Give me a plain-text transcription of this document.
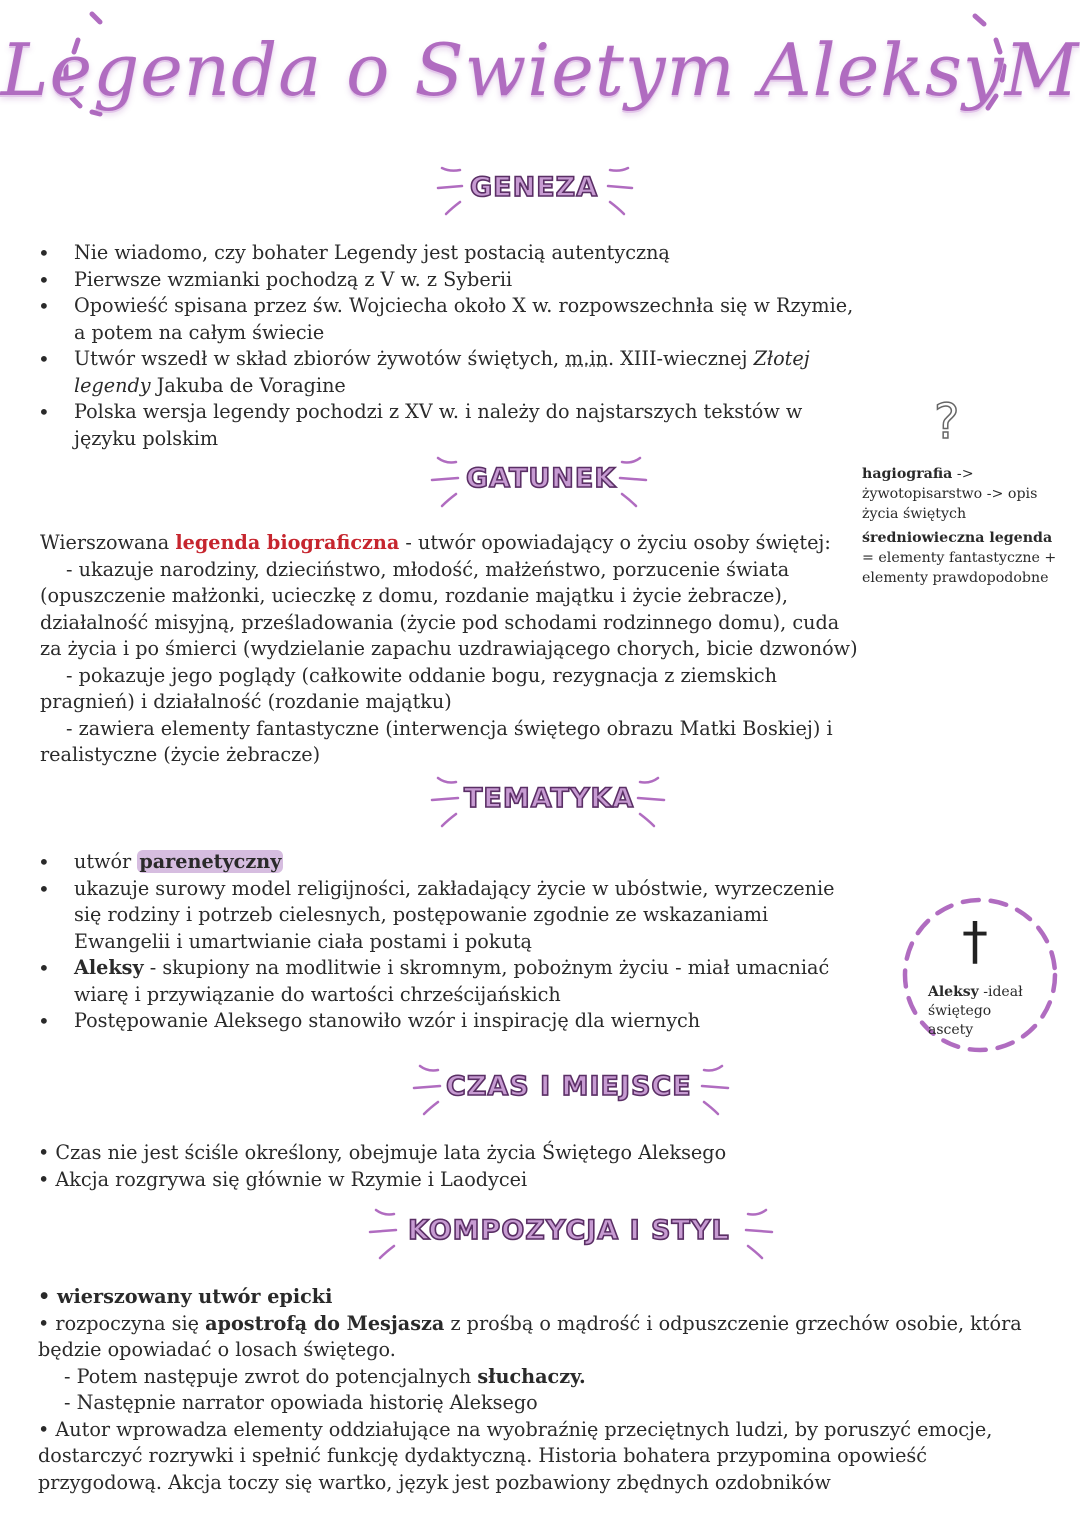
Legenda o Swietym AleksyM
GENEZA
• Nie wiadomo, czy bohater Legendy jest postacią autentyczną
• Pierwsze wzmianki pochodzą z V w. z Syberii
• Opowieść spisana przez św. Wojciecha około X w. rozpowszechnła się w Rzymie, a potem na całym świecie
• Utwór wszedł w skład zbiorów żywotów świętych, m.in. XIII-wiecznej Złotej legendy Jakuba de Voragine
• Polska wersja legendy pochodzi z XV w. i należy do najstarszych tekstów w języku polskim	?
hagiografia -> żywotopisarstwo -> opis życia świętych
średniowieczna legenda = elementy fantastyczne + elementy prawdopodobne
GATUNEK
Wierszowana legenda biograficzna - utwór opowiadający o życiu osoby świętej:
- ukazuje narodziny, dzieciństwo, młodość, małżeństwo, porzucenie świata (opuszczenie małżonki, ucieczkę z domu, rozdanie majątku i życie żebracze), działalność misyjną, prześladowania (życie pod schodami rodzinnego domu), cuda za życia i po śmierci (wydzielanie zapachu uzdrawiającego chorych, bicie dzwonów)
- pokazuje jego poglądy (całkowite oddanie bogu, rezygnacja z ziemskich pragnień) i działalność (rozdanie majątku)
- zawiera elementy fantastyczne (interwencja świętego obrazu Matki Boskiej) i realistyczne (życie żebracze)
TEMATYKA
• utwór parenetyczny
• ukazuje surowy model religijności, zakładający życie w ubóstwie, wyrzeczenie się rodziny i potrzeb cielesnych, postępowanie zgodnie ze wskazaniami Ewangelii i umartwianie ciała postami i pokutą
• Aleksy - skupiony na modlitwie i skromnym, pobożnym życiu - miał umacniać wiarę i przywiązanie do wartości chrześcijańskich
• Postępowanie Aleksego stanowiło wzór i inspirację dla wiernych
†
Aleksy -ideał świętego ascety
CZAS I MIEJSCE
• Czas nie jest ściśle określony, obejmuje lata życia Świętego Aleksego
• Akcja rozgrywa się głównie w Rzymie i Laodycei
KOMPOZYCJA I STYL
• wierszowany utwór epicki
• rozpoczyna się apostrofą do Mesjasza z prośbą o mądrość i odpuszczenie grzechów osobie, która będzie opowiadać o losach świętego.
- Potem następuje zwrot do potencjalnych słuchaczy.
- Następnie narrator opowiada historię Aleksego
• Autor wprowadza elementy oddziałujące na wyobraźnię przeciętnych ludzi, by poruszyć emocje, dostarczyć rozrywki i spełnić funkcję dydaktyczną. Historia bohatera przypomina opowieść przygodową. Akcja toczy się wartko, język jest pozbawiony zbędnych ozdobników
